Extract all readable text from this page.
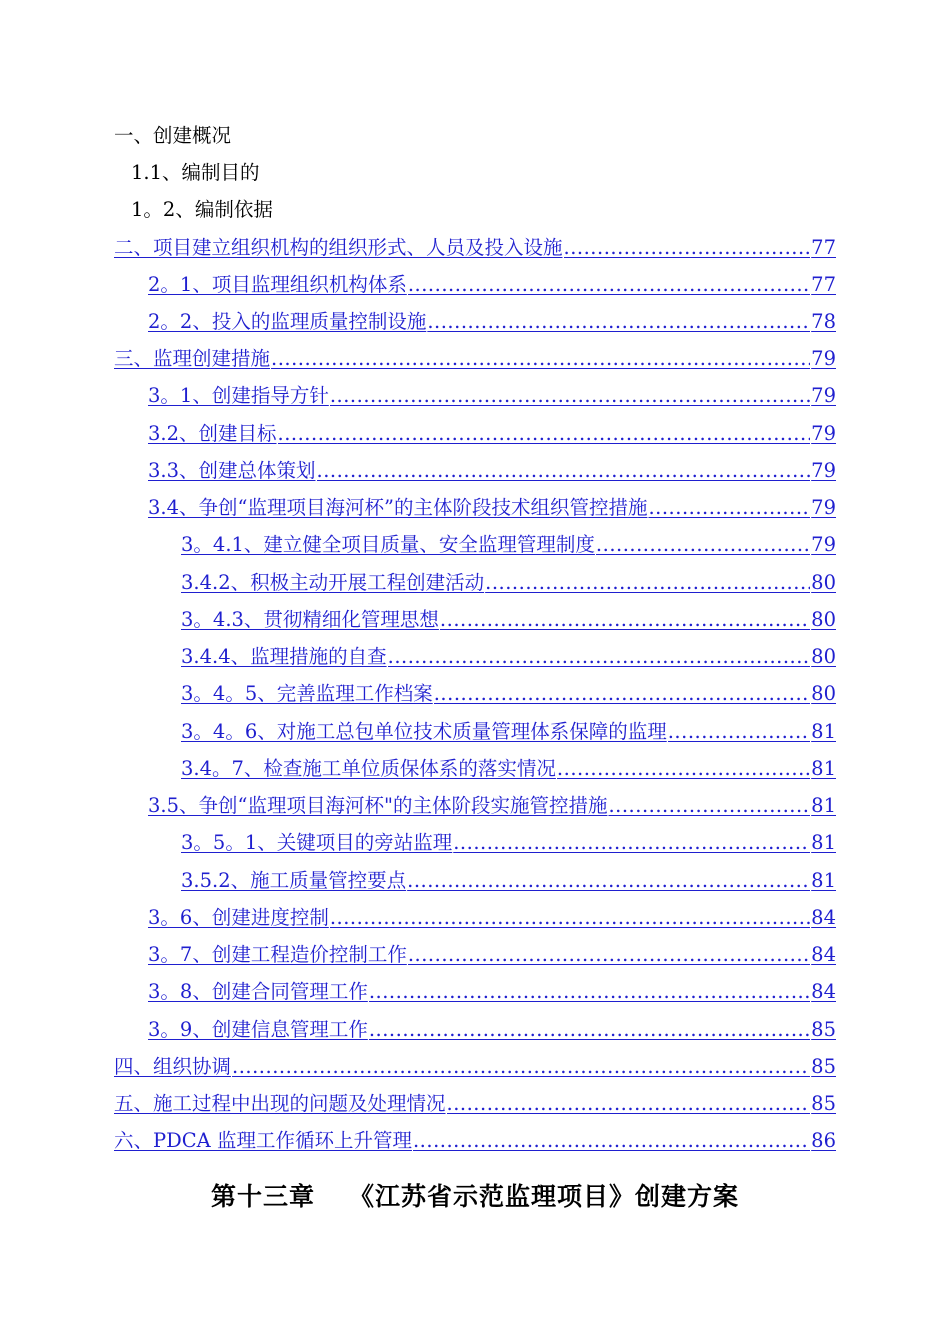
一、创建概况
1.1、编制目的
1。2、编制依据
二、项目建立组织机构的组织形式、人员及投入设施 .....	77
2。1、项目监理组织机构体系 .....	77
2。2、投入的监理质量控制设施 .....	78
三、监理创建措施 .....	79
3。1、创建指导方针 .....	79
3.2、创建目标 .....	79
3.3、创建总体策划 .....	79
3.4、争创“监理项目海河杯”的主体阶段技术组织管控措施 .....	79
3。4.1、建立健全项目质量、安全监理管理制度 .....	79
3.4.2、积极主动开展工程创建活动 .....	80
3。4.3、贯彻精细化管理思想 .....	80
3.4.4、监理措施的自查 .....	80
3。4。5、完善监理工作档案 .....	80
3。4。6、对施工总包单位技术质量管理体系保障的监理 .....	81
3.4。7、检查施工单位质保体系的落实情况 .....	81
3.5、争创“监理项目海河杯"的主体阶段实施管控措施 .....	81
3。5。1、关键项目的旁站监理 .....	81
3.5.2、施工质量管控要点 .....	81
3。6、创建进度控制 .....	84
3。7、创建工程造价控制工作 .....	84
3。8、创建合同管理工作 .....	84
3。9、创建信息管理工作 .....	85
四、组织协调 .....	85
五、施工过程中出现的问题及处理情况 .....	85
六、PDCA 监理工作循环上升管理 .....	86
第十三章 《江苏省示范监理项目》创建方案
